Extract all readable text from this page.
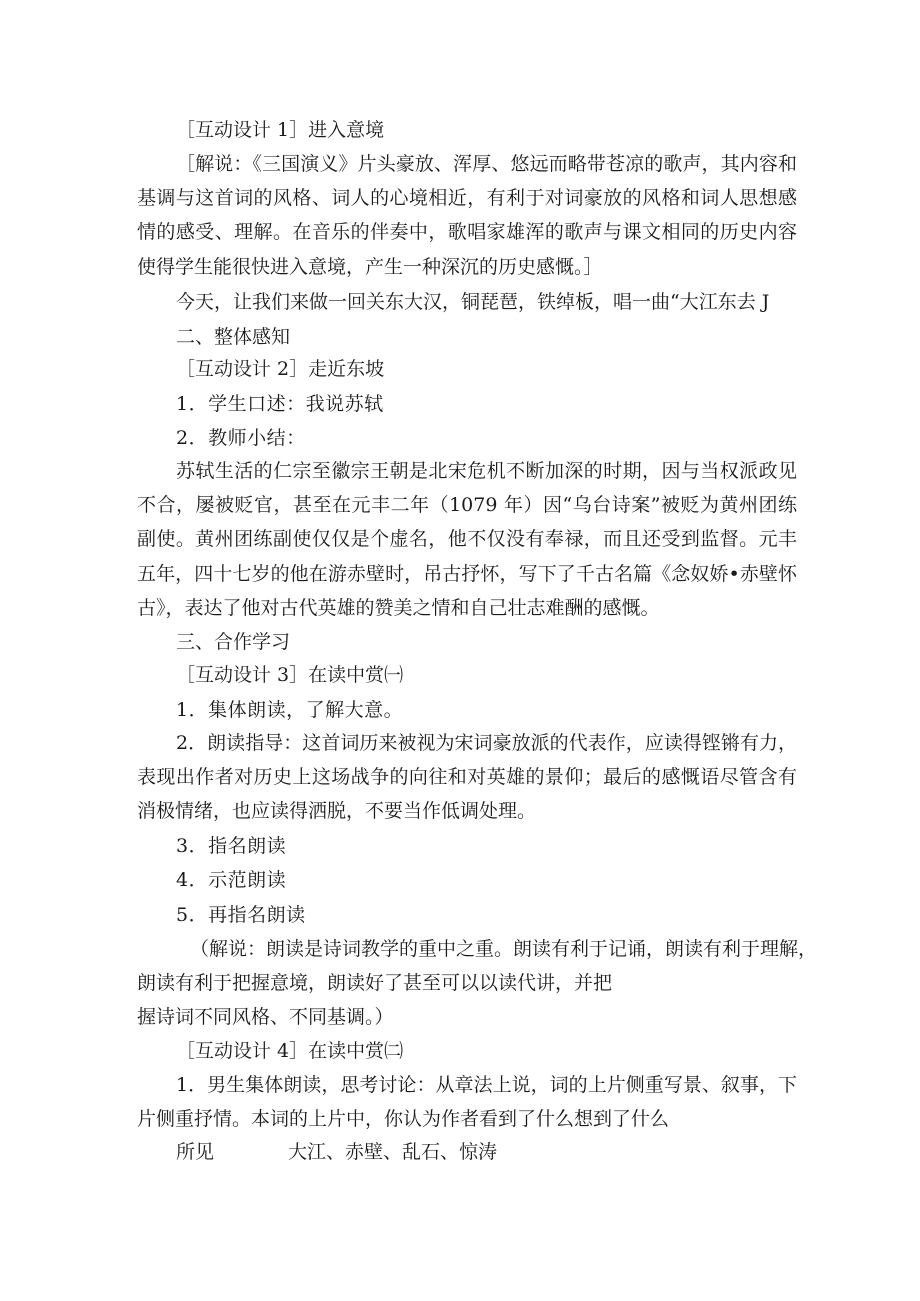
［互动设计 1］进入意境
［解说：《三国演义》片头豪放、浑厚、悠远而略带苍凉的歌声，其内容和基调与这首词的风格、词人的心境相近，有利于对词豪放的风格和词人思想感情的感受、理解。在音乐的伴奏中，歌唱家雄浑的歌声与课文相同的历史内容使得学生能很快进入意境，产生一种深沉的历史感慨。］
今天，让我们来做一回关东大汉，铜琵琶，铁绰板，唱一曲“大江东去 J
二、整体感知
［互动设计 2］走近东坡
1．学生口述：我说苏轼
2．教师小结：
苏轼生活的仁宗至徽宗王朝是北宋危机不断加深的时期，因与当权派政见不合，屡被贬官，甚至在元丰二年（1079 年）因“乌台诗案”被贬为黄州团练副使。黄州团练副使仅仅是个虚名，他不仅没有奉禄，而且还受到监督。元丰五年，四十七岁的他在游赤壁时，吊古抒怀，写下了千古名篇《念奴娇•赤壁怀古》，表达了他对古代英雄的赞美之情和自己壮志难酬的感慨。
三、合作学习
［互动设计 3］在读中赏㈠
1．集体朗读，了解大意。
2．朗读指导：这首词历来被视为宋词豪放派的代表作，应读得铿锵有力，表现出作者对历史上这场战争的向往和对英雄的景仰；最后的感慨语尽管含有消极情绪，也应读得洒脱，不要当作低调处理。
3．指名朗读
4．示范朗读
5．再指名朗读
（解说：朗读是诗词教学的重中之重。朗读有利于记诵，朗读有利于理解，
朗读有利于把握意境，朗读好了甚至可以以读代讲，并把
握诗词不同风格、不同基调。）
［互动设计 4］在读中赏㈡
1．男生集体朗读，思考讨论：从章法上说，词的上片侧重写景、叙事，下片侧重抒情。本词的上片中，你认为作者看到了什么想到了什么
所见	大江、赤壁、乱石、惊涛
